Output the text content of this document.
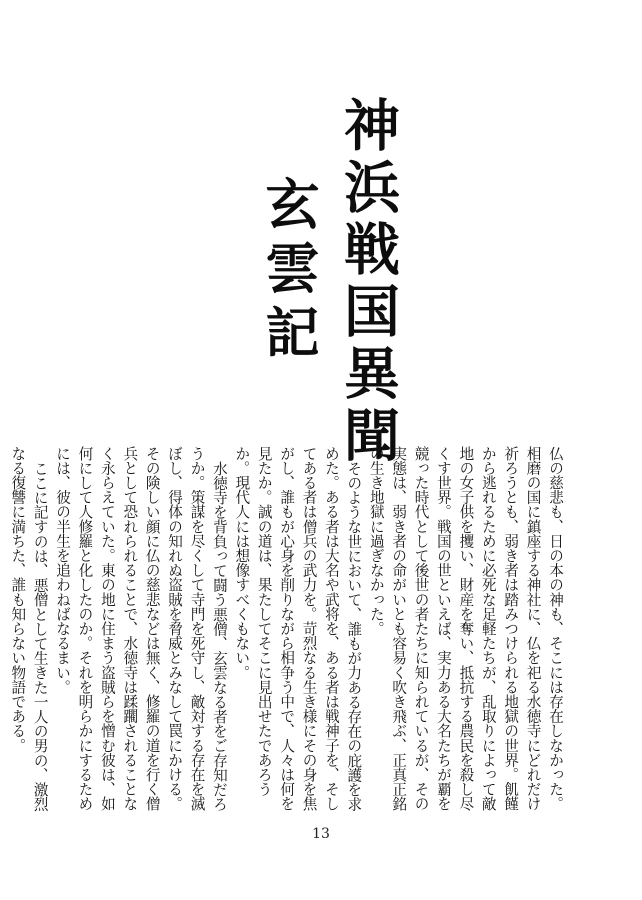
神浜戦国異聞
玄雲記

仏の慈悲も、日の本の神も、そこには存在しなかった。相磨の国に鎮座する神社に、仏を祀る水徳寺にどれだけ祈ろうとも、弱き者は踏みつけられる地獄の世界。飢饉から逃れるために必死な足軽たちが、乱取りによって敵地の女子供を攫い、財産を奪い、抵抗する農民を殺し尽くす世界。戦国の世といえば、実力ある大名たちが覇を競った時代として後世の者たちに知られているが、その実態は、弱き者の命がいとも容易く吹き飛ぶ、正真正銘の生き地獄に過ぎなかった。

そのような世において、誰もが力ある存在の庇護を求めた。ある者は大名や武将を、ある者は戦神子を、そしてある者は僧兵の武力を。苛烈なる生き様にその身を焦がし、誰もが心身を削りながら相争う中で、人々は何を見たか。誠の道は、果たしてそこに見出せたであろうか。現代人には想像すべくもない。

水徳寺を背負って闘う悪僧、玄雲なる者をご存知だろうか。策謀を尽くして寺門を死守し、敵対する存在を滅ぼし、得体の知れぬ盗賊を脅威とみなして罠にかける。その険しい顔に仏の慈悲などは無く、修羅の道を行く僧兵として恐れられることで、水徳寺は蹂躙されることなく永らえていた。東の地に住まう盗賊らを憎む彼は、如何にして人修羅と化したのか。それを明らかにするためには、彼の半生を追わねばなるまい。

ここに記すのは、悪僧として生きた一人の男の、激烈なる復讐に満ちた、誰も知らない物語である。

13
